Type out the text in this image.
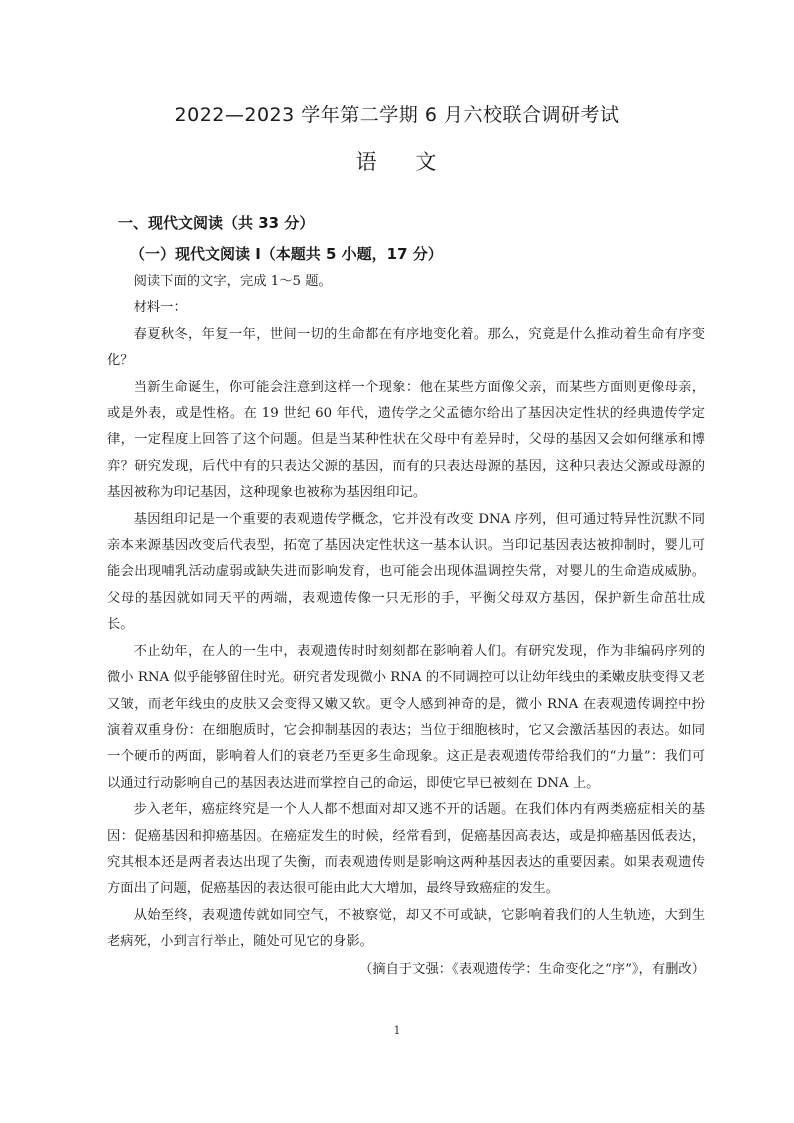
2022—2023 学年第二学期 6 月六校联合调研考试
语 文
一、现代文阅读（共 33 分）
（一）现代文阅读 I（本题共 5 小题，17 分）

阅读下面的文字，完成 1～5 题。

材料一：

春夏秋冬，年复一年，世间一切的生命都在有序地变化着。那么，究竟是什么推动着生命有序变化？

当新生命诞生，你可能会注意到这样一个现象：他在某些方面像父亲，而某些方面则更像母亲，或是外表，或是性格。在 19 世纪 60 年代，遗传学之父孟德尔给出了基因决定性状的经典遗传学定律，一定程度上回答了这个问题。但是当某种性状在父母中有差异时，父母的基因又会如何继承和博弈？研究发现，后代中有的只表达父源的基因，而有的只表达母源的基因，这种只表达父源或母源的基因被称为印记基因，这种现象也被称为基因组印记。

基因组印记是一个重要的表观遗传学概念，它并没有改变 DNA 序列，但可通过特异性沉默不同亲本来源基因改变后代表型，拓宽了基因决定性状这一基本认识。当印记基因表达被抑制时，婴儿可能会出现哺乳活动虚弱或缺失进而影响发育，也可能会出现体温调控失常，对婴儿的生命造成威胁。父母的基因就如同天平的两端，表观遗传像一只无形的手，平衡父母双方基因，保护新生命茁壮成长。

不止幼年，在人的一生中，表观遗传时时刻刻都在影响着人们。有研究发现，作为非编码序列的微小 RNA 似乎能够留住时光。研究者发现微小 RNA 的不同调控可以让幼年线虫的柔嫩皮肤变得又老又皱，而老年线虫的皮肤又会变得又嫩又软。更令人感到神奇的是，微小 RNA 在表观遗传调控中扮演着双重身份：在细胞质时，它会抑制基因的表达；当位于细胞核时，它又会激活基因的表达。如同一个硬币的两面，影响着人们的衰老乃至更多生命现象。这正是表观遗传带给我们的“力量”：我们可以通过行动影响自己的基因表达进而掌控自己的命运，即使它早已被刻在 DNA 上。

步入老年，癌症终究是一个人人都不想面对却又逃不开的话题。在我们体内有两类癌症相关的基因：促癌基因和抑癌基因。在癌症发生的时候，经常看到，促癌基因高表达，或是抑癌基因低表达，究其根本还是两者表达出现了失衡，而表观遗传则是影响这两种基因表达的重要因素。如果表观遗传方面出了问题，促癌基因的表达很可能由此大大增加，最终导致癌症的发生。

从始至终，表观遗传就如同空气，不被察觉，却又不可或缺，它影响着我们的人生轨迹，大到生老病死，小到言行举止，随处可见它的身影。

（摘自于文强：《表观遗传学：生命变化之“序”》，有删改）

1
